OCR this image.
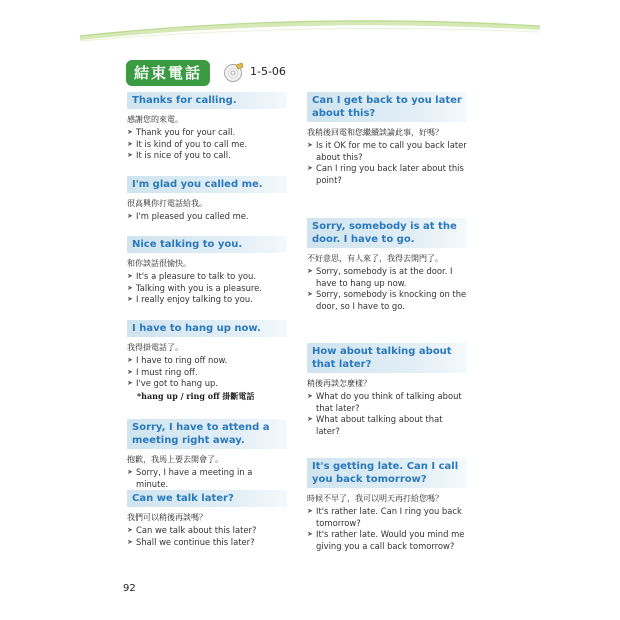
結束電話	1-5-06
Thanks for calling.
感謝您的來電。
➤ Thank you for your call.
➤ It is kind of you to call me.
➤ It is nice of you to call.
I'm glad you called me.
很高興你打電話給我。
➤ I'm pleased you called me.
Nice talking to you.
和你談話很愉快。
➤ It's a pleasure to talk to you.
➤ Talking with you is a pleasure.
➤ I really enjoy talking to you.
I have to hang up now.
我得掛電話了。
➤ I have to ring off now.
➤ I must ring off.
➤ I've got to hang up.
*hang up / ring off 掛斷電話
Sorry, I have to attend a meeting right away.
抱歉，我馬上要去開會了。
➤ Sorry, I have a meeting in a minute.
Can we talk later?
我們可以稍後再談嗎？
➤ Can we talk about this later?
➤ Shall we continue this later?
Can I get back to you later about this?
我稍後回電和您繼續談論此事，好嗎？
➤ Is it OK for me to call you back later about this?
➤ Can I ring you back later about this point?
Sorry, somebody is at the door. I have to go.
不好意思，有人來了，我得去開門了。
➤ Sorry, somebody is at the door. I have to hang up now.
➤ Sorry, somebody is knocking on the door, so I have to go.
How about talking about that later?
稍後再談怎麼樣？
➤ What do you think of talking about that later?
➤ What about talking about that later?
It's getting late. Can I call you back tomorrow?
時候不早了，我可以明天再打給您嗎？
➤ It's rather late. Can I ring you back tomorrow?
➤ It's rather late. Would you mind me giving you a call back tomorrow?
92
